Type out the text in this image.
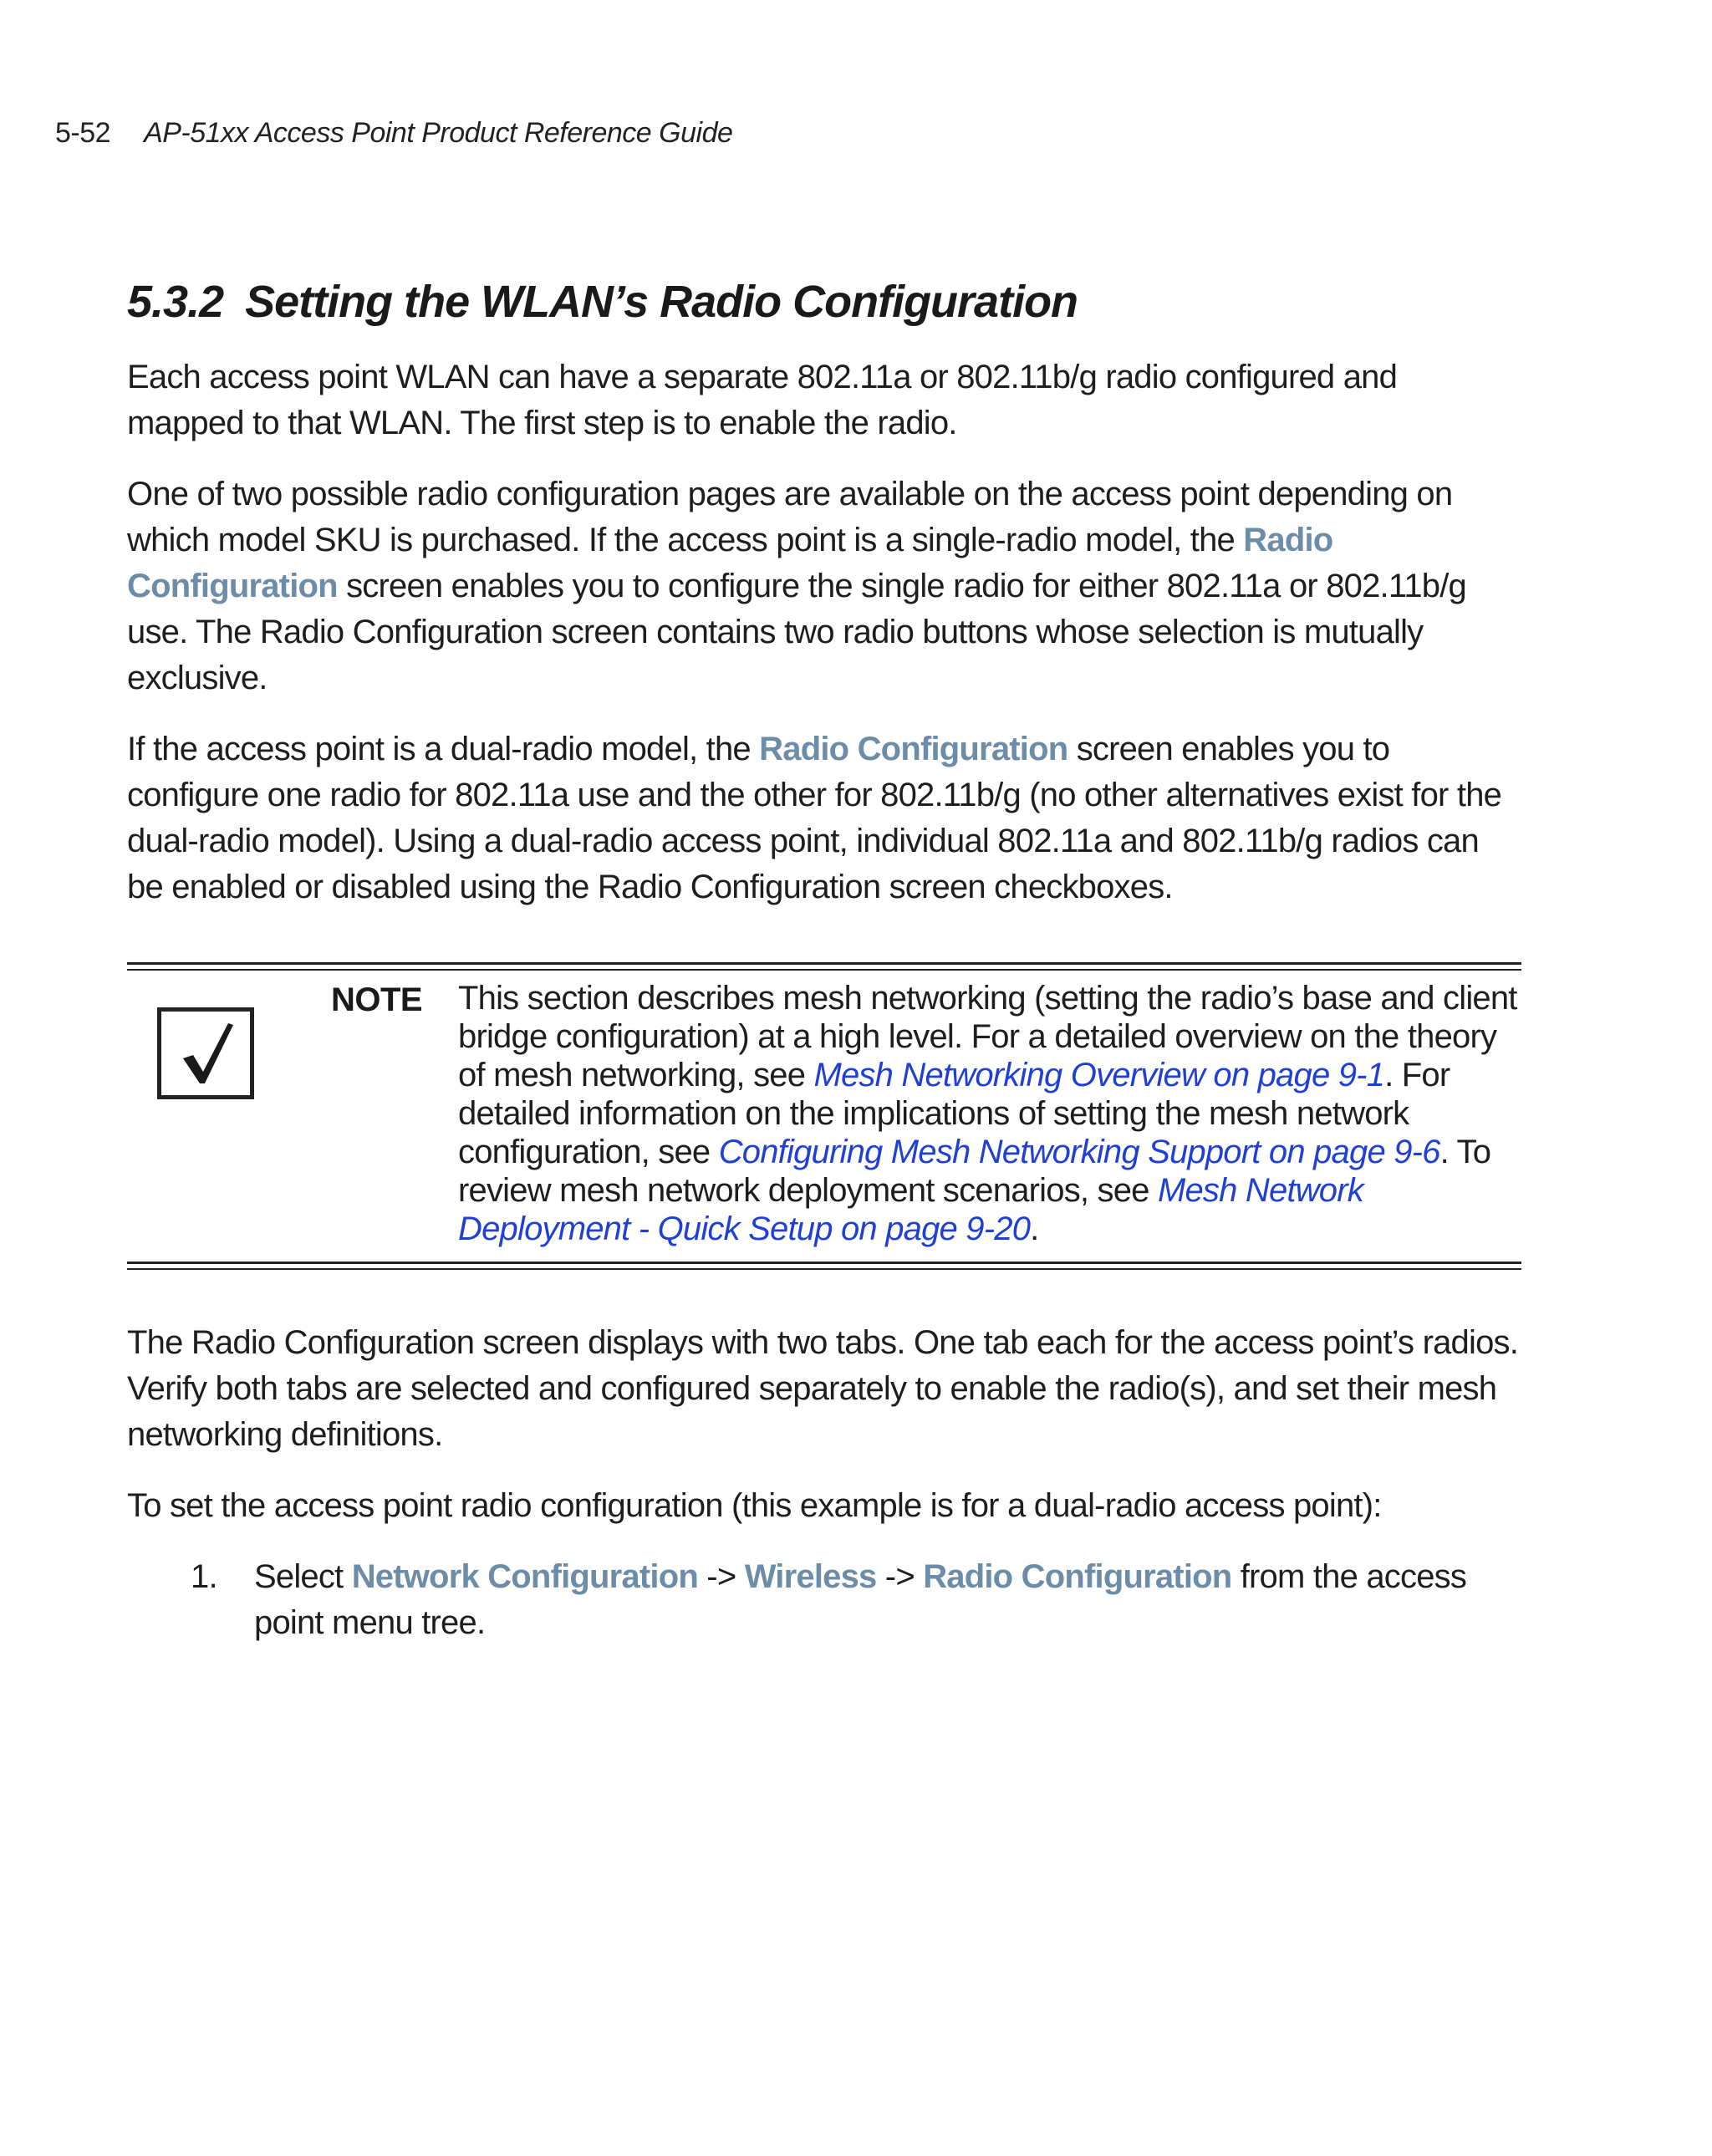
5-52 AP-51xx Access Point Product Reference Guide
5.3.2 Setting the WLAN’s Radio Configuration

Each access point WLAN can have a separate 802.11a or 802.11b/g radio configured and mapped to that WLAN. The first step is to enable the radio.

One of two possible radio configuration pages are available on the access point depending on which model SKU is purchased. If the access point is a single-radio model, the Radio Configuration screen enables you to configure the single radio for either 802.11a or 802.11b/g use. The Radio Configuration screen contains two radio buttons whose selection is mutually exclusive.

If the access point is a dual-radio model, the Radio Configuration screen enables you to configure one radio for 802.11a use and the other for 802.11b/g (no other alternatives exist for the dual-radio model). Using a dual-radio access point, individual 802.11a and 802.11b/g radios can be enabled or disabled using the Radio Configuration screen checkboxes.

NOTE This section describes mesh networking (setting the radio’s base and client bridge configuration) at a high level. For a detailed overview on the theory of mesh networking, see Mesh Networking Overview on page 9-1. For detailed information on the implications of setting the mesh network configuration, see Configuring Mesh Networking Support on page 9-6. To review mesh network deployment scenarios, see Mesh Network Deployment - Quick Setup on page 9-20.

The Radio Configuration screen displays with two tabs. One tab each for the access point’s radios. Verify both tabs are selected and configured separately to enable the radio(s), and set their mesh networking definitions.

To set the access point radio configuration (this example is for a dual-radio access point):

1. Select Network Configuration -> Wireless -> Radio Configuration from the access point menu tree.
